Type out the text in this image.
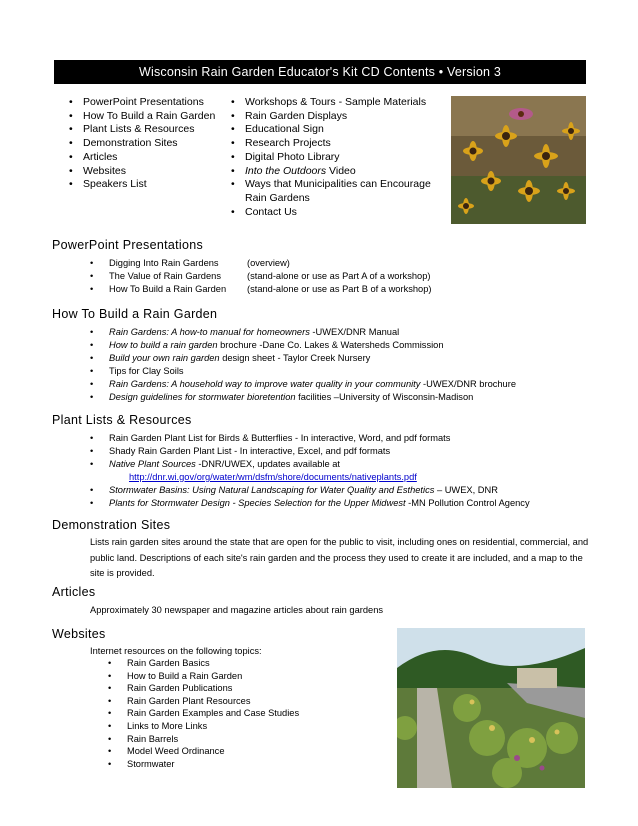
Wisconsin Rain Garden Educator's Kit CD Contents • Version 3
• PowerPoint Presentations
• How To Build a Rain Garden
• Plant Lists & Resources
• Demonstration Sites
• Articles
• Websites
• Speakers List
• Workshops & Tours - Sample Materials
• Rain Garden Displays
• Educational Sign
• Research Projects
• Digital Photo Library
• Into the Outdoors Video
• Ways that Municipalities can Encourage Rain Gardens
• Contact Us
PowerPoint Presentations
• Digging Into Rain Gardens	(overview)
• The Value of Rain Gardens	(stand-alone or use as Part A of a workshop)
• How To Build a Rain Garden (stand-alone or use as Part B of a workshop)
How To Build a Rain Garden
• Rain Gardens: A how-to manual for homeowners -UWEX/DNR Manual
• How to build a rain garden brochure -Dane Co. Lakes & Watersheds Commission
• Build your own rain garden design sheet - Taylor Creek Nursery
• Tips for Clay Soils
• Rain Gardens: A household way to improve water quality in your community -UWEX/DNR brochure
• Design guidelines for stormwater bioretention facilities –University of Wisconsin-Madison
Plant Lists & Resources
• Rain Garden Plant List for Birds & Butterflies - In interactive, Word, and pdf formats
• Shady Rain Garden Plant List - In interactive, Excel, and pdf formats
• Native Plant Sources -DNR/UWEX, updates available at
http://dnr.wi.gov/org/water/wm/dsfm/shore/documents/nativeplants.pdf
• Stormwater Basins: Using Natural Landscaping for Water Quality and Esthetics – UWEX, DNR
• Plants for Stormwater Design - Species Selection for the Upper Midwest -MN Pollution Control Agency
Demonstration Sites
Lists rain garden sites around the state that are open for the public to visit, including ones on residential, commercial, and public land. Descriptions of each site's rain garden and the process they used to create it are included, and a map to the site is provided.
Articles
Approximately 30 newspaper and magazine articles about rain gardens
Websites
Internet resources on the following topics:
• Rain Garden Basics
• How to Build a Rain Garden
• Rain Garden Publications
• Rain Garden Plant Resources
• Rain Garden Examples and Case Studies
• Links to More Links
• Rain Barrels
• Model Weed Ordinance
• Stormwater
